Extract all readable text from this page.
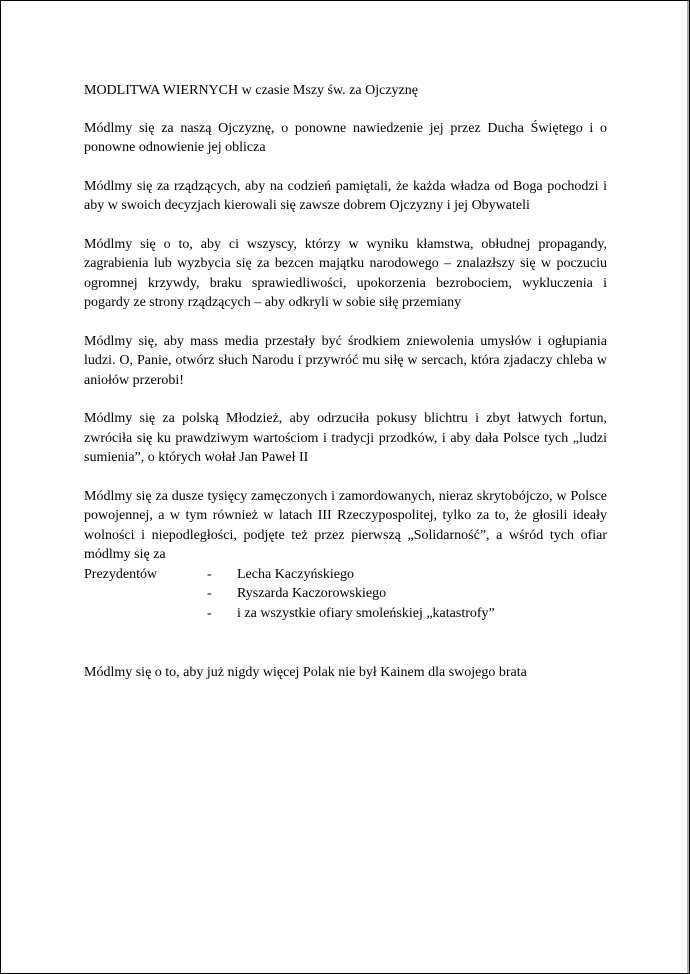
MODLITWA WIERNYCH w czasie Mszy św. za Ojczyznę

Módlmy się za naszą Ojczyznę, o ponowne nawiedzenie jej przez Ducha Świętego i o ponowne odnowienie jej oblicza

Módlmy się za rządzących, aby na codzień pamiętali, że każda władza od Boga pochodzi i aby w swoich decyzjach kierowali się zawsze dobrem Ojczyzny i jej Obywateli

Módlmy się o to, aby ci wszyscy, którzy w wyniku kłamstwa, obłudnej propagandy, zagrabienia lub wyzbycia się za bezcen majątku narodowego – znalazłszy się w poczuciu ogromnej krzywdy, braku sprawiedliwości, upokorzenia bezrobociem, wykluczenia i pogardy ze strony rządzących – aby odkryli w sobie siłę przemiany

Módlmy się, aby mass media przestały być środkiem zniewolenia umysłów i ogłupiania ludzi. O, Panie, otwórz słuch Narodu i przywróć mu siłę w sercach, która zjadaczy chleba w aniołów przerobi!

Módlmy się za polską Młodzież, aby odrzuciła pokusy blichtru i zbyt łatwych fortun, zwróciła się ku prawdziwym wartościom i tradycji przodków, i aby dała Polsce tych „ludzi sumienia”, o których wołał Jan Paweł II

Módlmy się za dusze tysięcy zamęczonych i zamordowanych, nieraz skrytobójczo, w Polsce powojennej, a w tym również w latach III Rzeczypospolitej, tylko za to, że głosili ideały wolności i niepodległości, podjęte też przez pierwszą „Solidarność”, a wśród tych ofiar módlmy się za

Prezydentów	-	Lecha Kaczyńskiego
-	Ryszarda Kaczorowskiego
-	i za wszystkie ofiary smoleńskiej „katastrofy”

Módlmy się o to, aby już nigdy więcej Polak nie był Kainem dla swojego brata
